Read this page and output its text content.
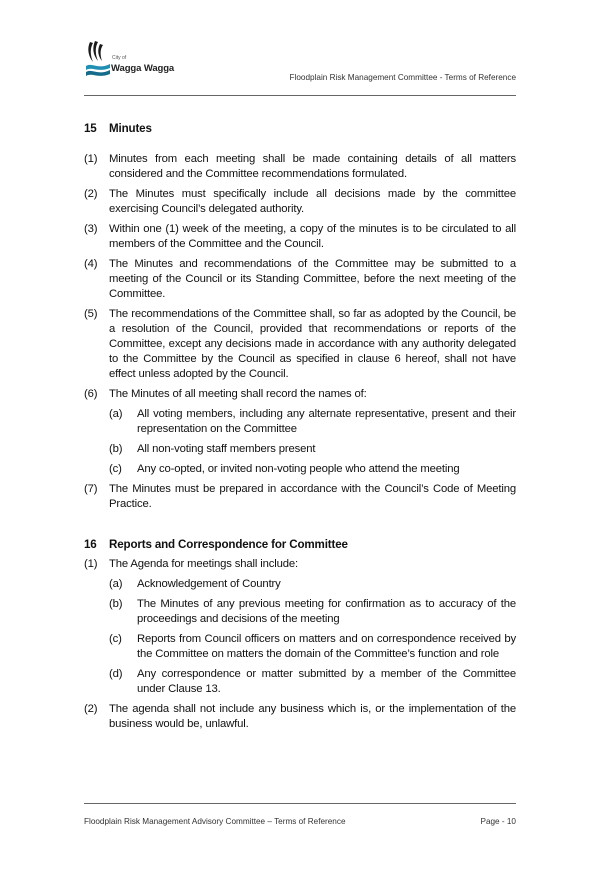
City of
Wagga Wagga
Floodplain Risk Management Committee - Terms of Reference
15	Minutes
(1)	Minutes from each meeting shall be made containing details of all matters considered and the Committee recommendations formulated.
(2)	The Minutes must specifically include all decisions made by the committee exercising Council’s delegated authority.
(3)	Within one (1) week of the meeting, a copy of the minutes is to be circulated to all members of the Committee and the Council.
(4)	The Minutes and recommendations of the Committee may be submitted to a meeting of the Council or its Standing Committee, before the next meeting of the Committee.
(5)	The recommendations of the Committee shall, so far as adopted by the Council, be a resolution of the Council, provided that recommendations or reports of the Committee, except any decisions made in accordance with any authority delegated to the Committee by the Council as specified in clause 6 hereof, shall not have effect unless adopted by the Council.
(6)	The Minutes of all meeting shall record the names of:
(a)	All voting members, including any alternate representative, present and their representation on the Committee
(b)	All non-voting staff members present
(c)	Any co-opted, or invited non-voting people who attend the meeting
(7)	The Minutes must be prepared in accordance with the Council’s Code of Meeting Practice.
16	Reports and Correspondence for Committee
(1)	The Agenda for meetings shall include:
(a)	Acknowledgement of Country
(b)	The Minutes of any previous meeting for confirmation as to accuracy of the proceedings and decisions of the meeting
(c)	Reports from Council officers on matters and on correspondence received by the Committee on matters the domain of the Committee’s function and role
(d)	Any correspondence or matter submitted by a member of the Committee under Clause 13.
(2)	The agenda shall not include any business which is, or the implementation of the business would be, unlawful.
Floodplain Risk Management Advisory Committee – Terms of Reference	Page - 10
